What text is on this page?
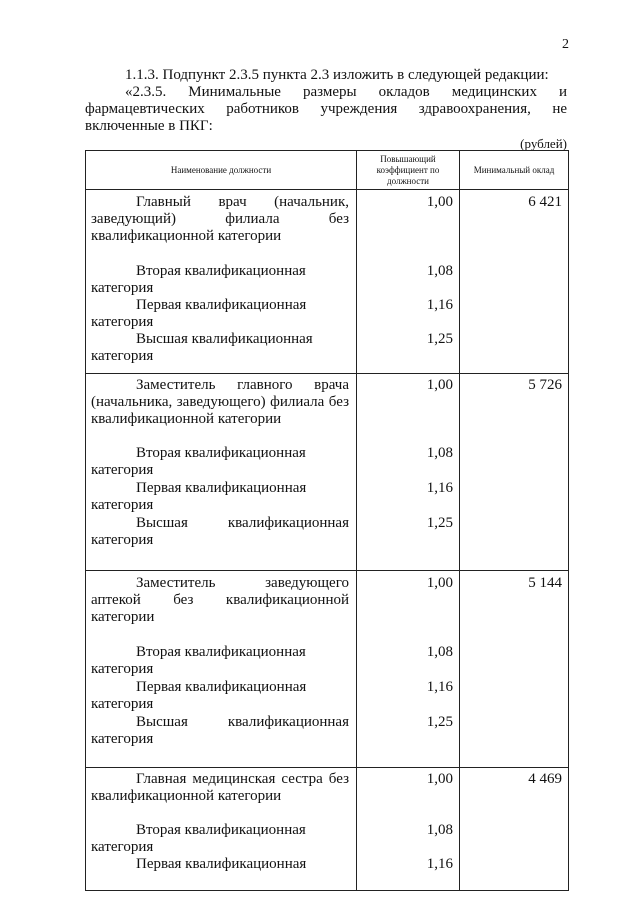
2

1.1.3. Подпункт 2.3.5 пункта 2.3 изложить в следующей редакции:

«2.3.5. Минимальные размеры окладов медицинских и фармацевтических работников учреждения здравоохранения, не включенные в ПКГ:

(рублей)
Наименование должности
Повышающий коэффициент по должности
Минимальный оклад
Главный врач (начальник, заведующий) филиала без квалификационной категории
Вторая квалификационная категория
Первая квалификационная категория
Высшая квалификационная категория
1,00
1,08
1,16
1,25
6 421
Заместитель главного врача (начальника, заведующего) филиала без квалификационной категории
Вторая квалификационная категория
Первая квалификационная категория
Высшая квалификационная категория
1,00
1,08
1,16
1,25
5 726
Заместитель заведующего аптекой без квалификационной категории
Вторая квалификационная категория
Первая квалификационная категория
Высшая квалификационная категория
1,00
1,08
1,16
1,25
5 144
Главная медицинская сестра без квалификационной категории
Вторая квалификационная категория
Первая квалификационная
1,00
1,08
1,16
4 469
